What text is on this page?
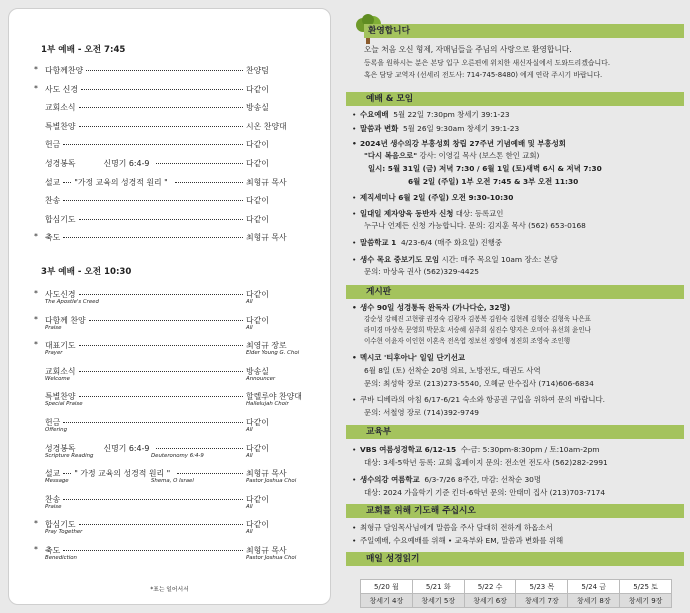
1부 예배 - 오전 7:45
* 다함께찬양	찬양팀
* 사도 신경	다같이
교회소식	방송실
특별찬양	시온 찬양대
헌금	다같이
성경봉독	신명기 6:4-9	다같이
설교 "가정 교육의 성경적 원리 "	최형규 목사
찬송	다같이
합심기도	다같이
* 축도	최형규 목사
3부 예배 - 오전 10:30
* 사도신경	다같이
The Apostle's Creed	All
* 다함께 찬양	다같이
Praise	All
* 대표기도	최영규 장로
Prayer	Elder Young G. Choi
교회소식	방송실
Welcome	Announcer
특별찬양	할렐루야 찬양대
Special Praise	Hallelujah Choir
헌금	다같이
Offering	All
성경봉독	신명기 6:4-9	다같이
Scripture Reading	Deuteronomy 6:4-9	All
설교 " 가정 교육의 성경적 원리 "	최형규 목사
Message	Shema, O Israel	Pastor Joshua Choi
찬송	다같이
Praise	All
* 합심기도	다같이
Pray Together	All
* 축도	최형규 목사
Benediction	Pastor Joshua Choi
*표는 일어서서
환영합니다
오늘 처음 오신 형제, 자매님들을 주님의 사랑으로 환영합니다.
등록을 원하시는 분은 본당 입구 오른편에 위치한 새신자실에서 도와드리겠습니다.
혹은 담당 교역자 (선세리 전도사: 714-745-8480) 에게 연락 주시기 바랍니다.
예배 & 모임
• 수요예배 5월 22일 7:30pm 창세기 39:1-23
• 말씀과 변화 5월 26일 9:30am 창세기 39:1-23
• 2024년 생수의강 부흥성회 창립 27주년 기념예배 및 부흥성회
"다시 복음으로" 강사: 이영길 목사 (보스톤 한인 교회)
일시: 5월 31일 (금) 저녁 7:30 / 6월 1일 (토)새벽 6시 & 저녁 7:30
6월 2일 (주일) 1부 오전 7:45 & 3부 오전 11:30
• 제직세미나 6월 2일 (주일) 오전 9:30-10:30
• 일대일 제자양육 동반자 신청 대상: 등록교인
누구나 언제든 신청 가능합니다. 문의: 김지훈 목사 (562) 653-0168
• 말씀학교 1 4/23-6/4 (매주 화요일) 진행중
• 생수 목요 중보기도 모임 시간: 매주 목요일 10am 장소: 본당
문의: 마상옥 권사 (562)329-4425
게시판
• 생수 90일 성경통독 완독자 (가나다순, 32명)
강순성 강혜진 고현량 권경숙 김광자 김봉복 김원숙 김현례 김형순 김형욱 나은표
라미경 마상옥 문영희 박문호 서승혜 심주희 심진수 양지은 오미아 유선희 윤인나
이수현 이윤자 이인현 이혼옥 전옥엽 정보선 정영애 정진희 조영숙 조인행
• 멕시코 '티후아나' 일일 단기선교
6월 8일 (토) 선착순 20명 의료, 노방전도, 태권도 사역
문의: 최성학 장로 (213)273-5540, 오혜균 안수집사 (714)606-6834
• 쿠바 디베라의 아침 6/17-6/21 숙소와 항공권 구입을 위하여 문의 바랍니다.
문의: 서철영 장로 (714)392-9749
교육부
• VBS 여름성경학교 6/12-15 수-금: 5:30pm-8:30pm / 토:10am-2pm
대상: 3세-5학년 등록: 교회 홈페이지 문의: 전소연 전도사 (562)282-2991
• 생수의강 여름학교 6/3-7/26 8주간, 마감: 선착순 30명
대상: 2024 가을학기 기준 킨더-6학년 문의: 안태미 집사 (213)703-7174
교회를 위해 기도해 주십시오
• 최형규 담임목사님에게 말씀을 주사 담대히 전하게 하옵소서
• 주일예배, 수요예배를 위해 • 교육부와 EM, 말씀과 변화를 위해
매일 성경읽기
5/20 월	5/21 화	5/22 수	5/23 목	5/24 금	5/25 토
창세기 4장	창세기 5장	창세기 6장	창세기 7장	창세기 8장	창세기 9장
